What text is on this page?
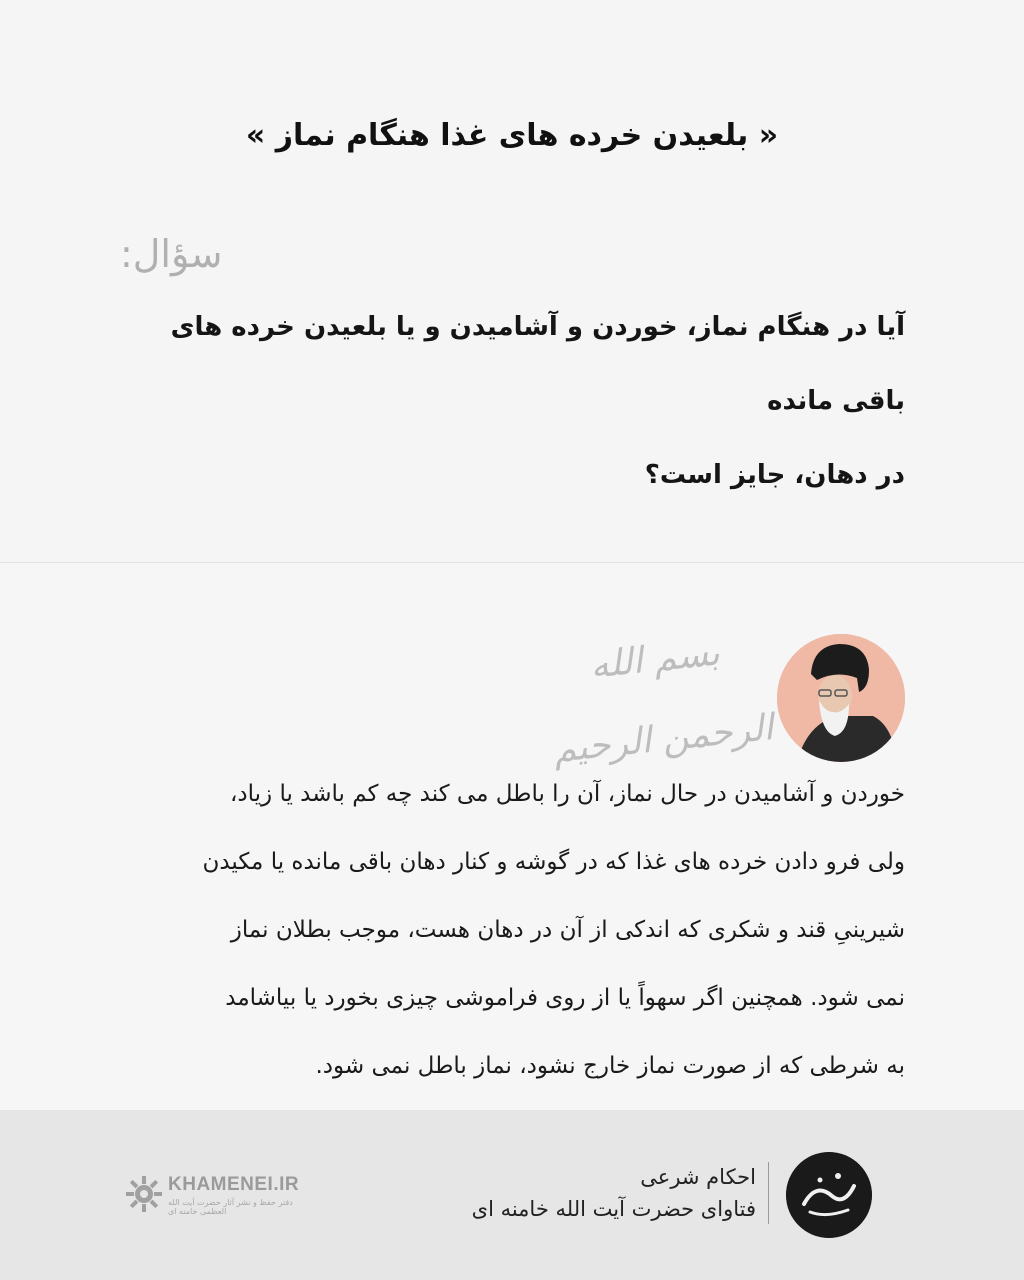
« بلعیدن خرده های غذا هنگام نماز »
سؤال:
آیا در هنگام نماز، خوردن و آشامیدن و یا بلعیدن خرده های باقی مانده
در دهان، جایز است؟
بسم الله الرحمن الرحیم

خوردن و آشامیدن در حال نماز، آن را باطل می کند چه کم باشد یا زیاد،

ولی فرو دادن خرده های غذا که در گوشه و کنار دهان باقی مانده یا مکیدن

شیرینیِ قند و شکری که اندکی از آن در دهان هست، موجب بطلان نماز

نمی شود. همچنین اگر سهواً یا از روی فراموشی چیزی بخورد یا بیاشامد

به شرطی که از صورت نماز خارج نشود، نماز باطل نمی شود.

احکام شرعی
فتاوای حضرت آیت الله خامنه ای
KHAMENEI.IR
دفتر حفظ و نشر آثار حضرت آیت الله العظمی خامنه ای
